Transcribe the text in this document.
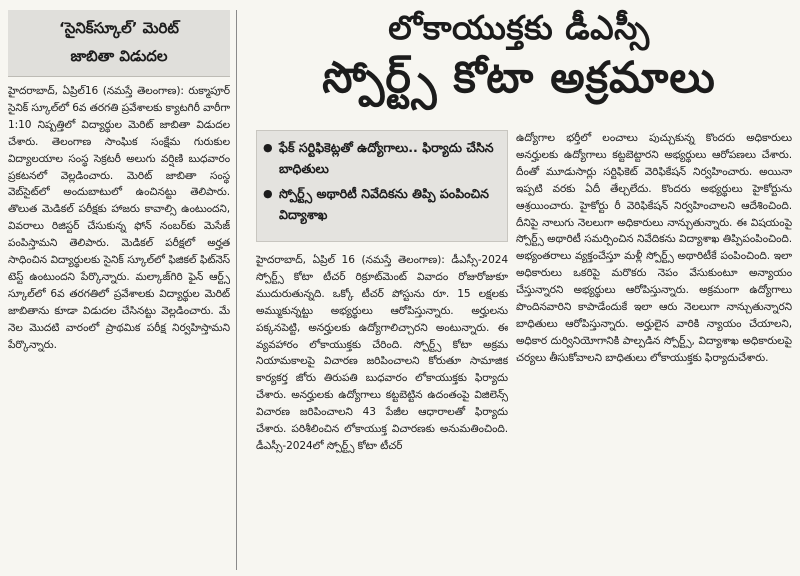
‘సైనిక్‌స్కూల్‌’ మెరిట్‌
జాబితా విడుదల
హైదరాబాద్‌, ఏప్రిల్‌16 (నమస్తే తెలంగాణ): రుక్మాపూర్‌ సైనిక్‌ స్కూల్‌లో 6వ తరగతి ప్రవేశాలకు క్యాటగిరీ వారీగా 1:10 నిష్పత్తిలో విద్యార్థుల మెరిట్‌ జాబితా విడుదల చేశారు. తెలంగాణ సాంఘిక సంక్షేమ గురుకుల విద్యాలయాల సంస్థ సెక్రటరీ అలుగు వర్షిణి బుధవారం ప్రకటనలో వెల్లడించారు. మెరిట్‌ జాబితా సంస్థ వెబ్‌సైట్‌లో అందుబాటులో ఉంచినట్టు తెలిపారు. తొలుత మెడికల్‌ పరీక్షకు హాజరు కావాల్సి ఉంటుందని, వివరాలు రిజిస్టర్‌ చేసుకున్న ఫోన్‌ నంబర్‌కు మెసేజ్‌ పంపిస్తామని తెలిపారు. మెడికల్‌ పరీక్షలో అర్హత సాధించిన విద్యార్థులకు సైనిక్‌ స్కూల్‌లో ఫిజికల్‌ ఫిట్‌నెస్‌ టెస్ట్‌ ఉంటుందని పేర్కొన్నారు. మల్కాజ్‌గిరి ఫైన్‌ ఆర్ట్స్‌ స్కూల్‌లో 6వ తరగతిలో ప్రవేశాలకు విద్యార్థుల మెరిట్‌ జాబితాను కూడా విడుదల చేసినట్టు వెల్లడించారు. మే నెల మొదటి వారంలో ప్రాథమిక పరీక్ష నిర్వహిస్తామని పేర్కొన్నారు.
లోకాయుక్తకు డీఎస్సీ
స్పోర్ట్స్‌ కోటా అక్రమాలు
● ఫేక్‌ సర్టిఫికెట్లతో ఉద్యోగాలు.. ఫిర్యాదు చేసిన బాధితులు
● స్పోర్ట్స్‌ అథారిటీ నివేదికను తిప్పి పంపించిన విద్యాశాఖ
హైదరాబాద్‌, ఏప్రిల్‌ 16 (నమస్తే తెలంగాణ): డీఎస్సీ-2024 స్పోర్ట్స్‌ కోటా టీచర్‌ రిక్రూట్‌మెంట్‌ వివాదం రోజురోజుకూ ముదురుతున్నది. ఒక్కో టీచర్‌ పోస్టును రూ. 15 లక్షలకు అమ్ముకున్నట్టు అభ్యర్థులు ఆరోపిస్తున్నారు. అర్హులను పక్కనపెట్టి, అనర్హులకు ఉద్యోగాలిచ్చారని అంటున్నారు. ఈ వ్యవహారం లోకాయుక్తకు చేరింది. స్పోర్ట్స్‌ కోటా అక్రమ నియామకాలపై విచారణ జరిపించాలని కోరుతూ సామాజిక కార్యకర్త జోరు తిరుపతి బుధవారం లోకాయుక్తకు ఫిర్యాదు చేశారు. అనర్హులకు ఉద్యోగాలు కట్టబెట్టిన ఉదంతంపై విజిలెన్స్‌ విచారణ జరిపించాలని 43 పేజీల ఆధారాలతో ఫిర్యాదు చేశారు. పరిశీలించిన లోకాయుక్త విచారణకు అనుమతించింది. డీఎస్సీ-2024లో స్పోర్ట్స్‌ కోటా టీచర్‌
ఉద్యోగాల భర్తీలో లంచాలు పుచ్చుకున్న కొందరు అధికారులు అనర్హులకు ఉద్యోగాలు కట్టబెట్టారని అభ్యర్థులు ఆరోపణలు చేశారు. దీంతో మూడుసార్లు సర్టిఫికెట్‌ వెరిఫికేషన్‌ నిర్వహించారు. అయినా ఇప్పటి వరకు ఏదీ తేల్చలేదు. కొందరు అభ్యర్థులు హైకోర్టును ఆశ్రయించారు. హైకోర్టు రీ వెరిఫికేషన్‌ నిర్వహించాలని ఆదేశించింది. దీనిపై నాలుగు నెలలుగా అధికారులు నాన్చుతున్నారు. ఈ విషయంపై స్పోర్ట్స్‌ అథారిటీ సమర్పించిన నివేదికను విద్యాశాఖ తిప్పిపంపించింది. అభ్యంతరాలు వ్యక్తంచేస్తూ మళ్లీ స్పోర్ట్స్‌ అథారిటీకే పంపించింది. ఇలా అధికారులు ఒకరిపై మరొకరు నెపం వేసుకుంటూ అన్యాయం చేస్తున్నారని అభ్యర్థులు ఆరోపిస్తున్నారు. అక్రమంగా ఉద్యోగాలు పొందినవారిని కాపాడేందుకే ఇలా ఆరు నెలలుగా నాన్చుతున్నారని బాధితులు ఆరోపిస్తున్నారు. అర్హులైన వారికి న్యాయం చేయాలని, అధికార దుర్వినియోగానికి పాల్పడిన స్పోర్ట్స్‌, విద్యాశాఖ అధికారులపై చర్యలు తీసుకోవాలని బాధితులు లోకాయుక్తకు ఫిర్యాదుచేశారు.
